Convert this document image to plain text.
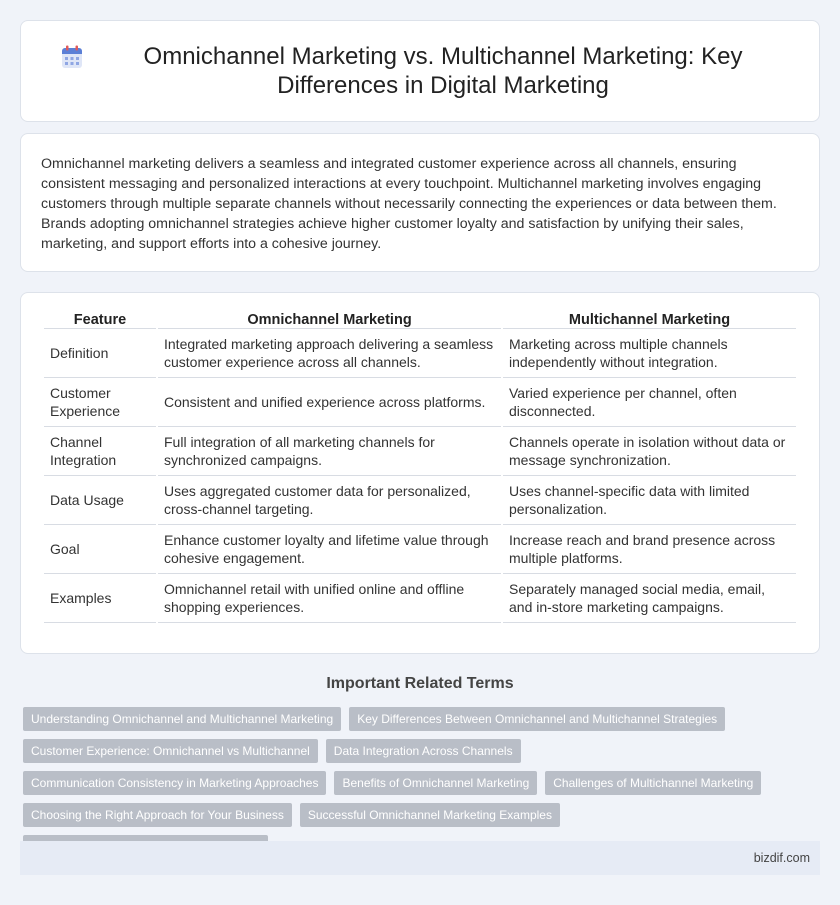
Omnichannel Marketing vs. Multichannel Marketing: Key Differences in Digital Marketing

Omnichannel marketing delivers a seamless and integrated customer experience across all channels, ensuring consistent messaging and personalized interactions at every touchpoint. Multichannel marketing involves engaging customers through multiple separate channels without necessarily connecting the experiences or data between them. Brands adopting omnichannel strategies achieve higher customer loyalty and satisfaction by unifying their sales, marketing, and support efforts into a cohesive journey.

Feature	Omnichannel Marketing	Multichannel Marketing
Definition	Integrated marketing approach delivering a seamless customer experience across all channels.	Marketing across multiple channels independently without integration.
Customer Experience	Consistent and unified experience across platforms.	Varied experience per channel, often disconnected.
Channel Integration	Full integration of all marketing channels for synchronized campaigns.	Channels operate in isolation without data or message synchronization.
Data Usage	Uses aggregated customer data for personalized, cross-channel targeting.	Uses channel-specific data with limited personalization.
Goal	Enhance customer loyalty and lifetime value through cohesive engagement.	Increase reach and brand presence across multiple platforms.
Examples	Omnichannel retail with unified online and offline shopping experiences.	Separately managed social media, email, and in-store marketing campaigns.
Important Related Terms
Understanding Omnichannel and Multichannel Marketing	Key Differences Between Omnichannel and Multichannel Strategies
Customer Experience: Omnichannel vs Multichannel	Data Integration Across Channels
Communication Consistency in Marketing Approaches	Benefits of Omnichannel Marketing	Challenges of Multichannel Marketing
Choosing the Right Approach for Your Business	Successful Omnichannel Marketing Examples
bizdif.com
